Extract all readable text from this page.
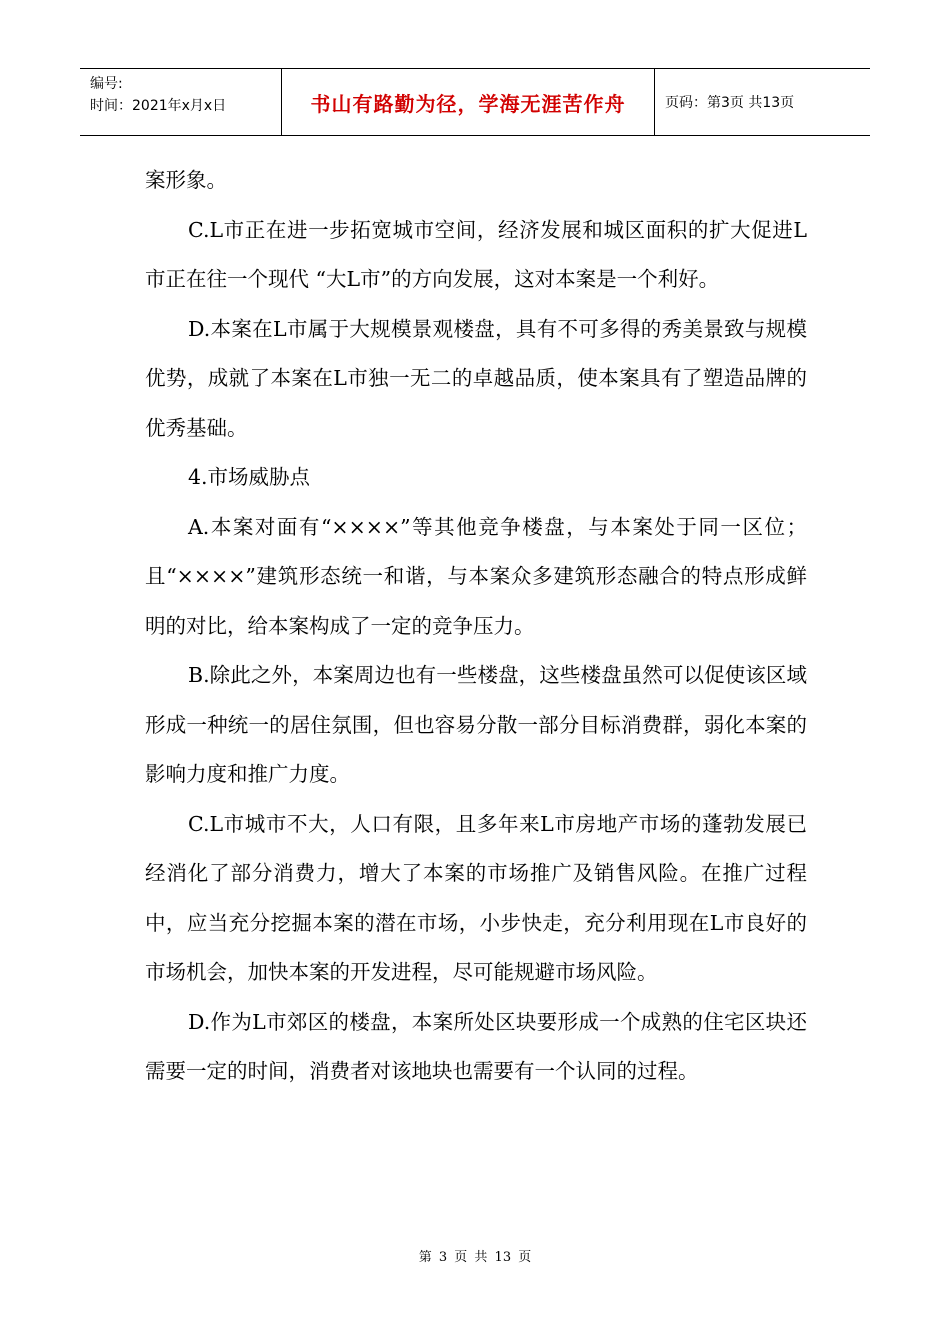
编号:
时间：2021年x月x日	书山有路勤为径，学海无涯苦作舟	页码：第3页 共13页

案形象。

C.L市正在进一步拓宽城市空间，经济发展和城区面积的扩大促进L市正在往一个现代 “大L市”的方向发展，这对本案是一个利好。

D.本案在L市属于大规模景观楼盘，具有不可多得的秀美景致与规模优势，成就了本案在L市独一无二的卓越品质，使本案具有了塑造品牌的优秀基础。

4.市场威胁点

A.本案对面有“××××”等其他竞争楼盘，与本案处于同一区位；且“××××”建筑形态统一和谐，与本案众多建筑形态融合的特点形成鲜明的对比，给本案构成了一定的竞争压力。

B.除此之外，本案周边也有一些楼盘，这些楼盘虽然可以促使该区域形成一种统一的居住氛围，但也容易分散一部分目标消费群，弱化本案的影响力度和推广力度。

C.L市城市不大，人口有限，且多年来L市房地产市场的蓬勃发展已经消化了部分消费力，增大了本案的市场推广及销售风险。在推广过程中，应当充分挖掘本案的潜在市场，小步快走，充分利用现在L市良好的市场机会，加快本案的开发进程，尽可能规避市场风险。

D.作为L市郊区的楼盘，本案所处区块要形成一个成熟的住宅区块还需要一定的时间，消费者对该地块也需要有一个认同的过程。

第 3 页 共 13 页
